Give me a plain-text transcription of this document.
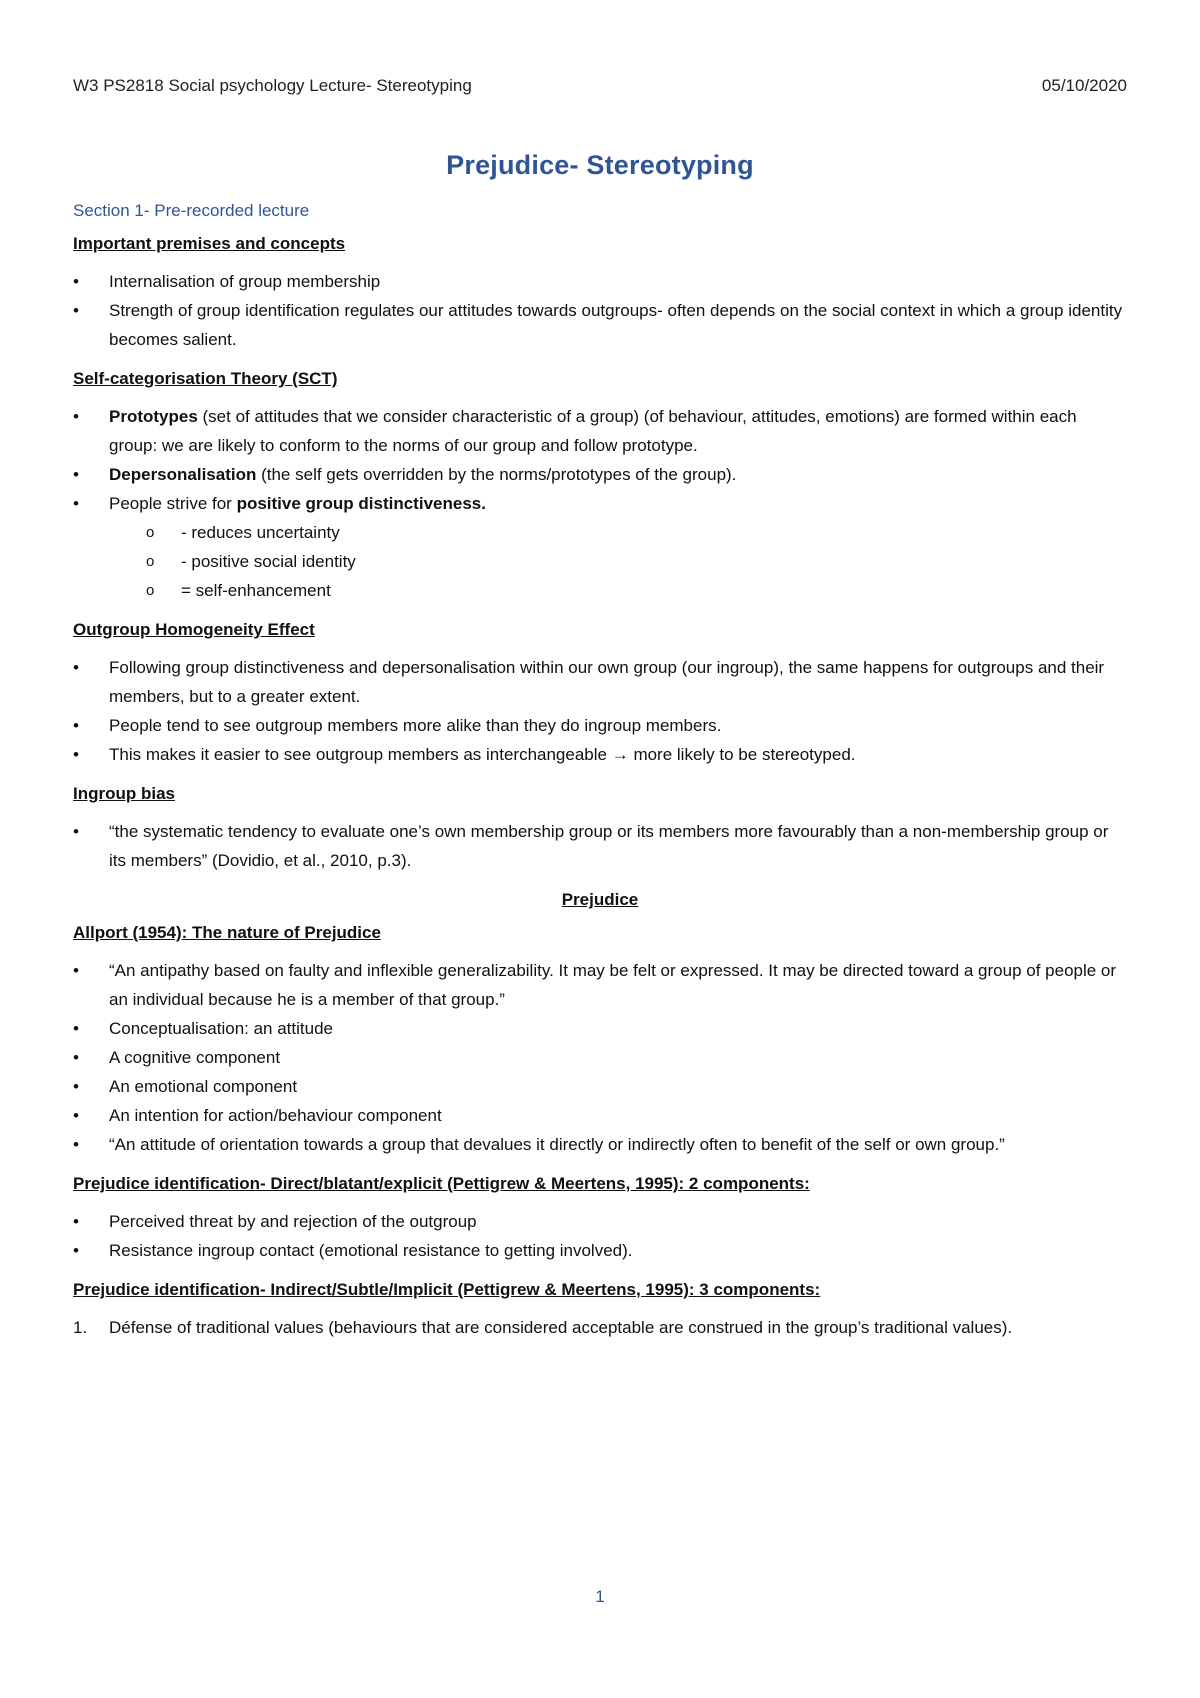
W3 PS2818 Social psychology Lecture- Stereotyping	05/10/2020
Prejudice- Stereotyping
Section 1- Pre-recorded lecture
Important premises and concepts
• Internalisation of group membership
• Strength of group identification regulates our attitudes towards outgroups- often depends on the social context in which a group identity becomes salient.
Self-categorisation Theory (SCT)
• Prototypes (set of attitudes that we consider characteristic of a group) (of behaviour, attitudes, emotions) are formed within each group: we are likely to conform to the norms of our group and follow prototype.
• Depersonalisation (the self gets overridden by the norms/prototypes of the group).
• People strive for positive group distinctiveness.
o - reduces uncertainty
o - positive social identity
o = self-enhancement
Outgroup Homogeneity Effect
• Following group distinctiveness and depersonalisation within our own group (our ingroup), the same happens for outgroups and their members, but to a greater extent.
• People tend to see outgroup members more alike than they do ingroup members.
• This makes it easier to see outgroup members as interchangeable → more likely to be stereotyped.
Ingroup bias
• “the systematic tendency to evaluate one’s own membership group or its members more favourably than a non-membership group or its members” (Dovidio, et al., 2010, p.3).
Prejudice
Allport (1954): The nature of Prejudice
• “An antipathy based on faulty and inflexible generalizability. It may be felt or expressed. It may be directed toward a group of people or an individual because he is a member of that group.”
• Conceptualisation: an attitude
• A cognitive component
• An emotional component
• An intention for action/behaviour component
• “An attitude of orientation towards a group that devalues it directly or indirectly often to benefit of the self or own group.”
Prejudice identification- Direct/blatant/explicit (Pettigrew & Meertens, 1995): 2 components:
• Perceived threat by and rejection of the outgroup
• Resistance ingroup contact (emotional resistance to getting involved).
Prejudice identification- Indirect/Subtle/Implicit (Pettigrew & Meertens, 1995): 3 components:
1. Défense of traditional values (behaviours that are considered acceptable are construed in the group’s traditional values).
1
